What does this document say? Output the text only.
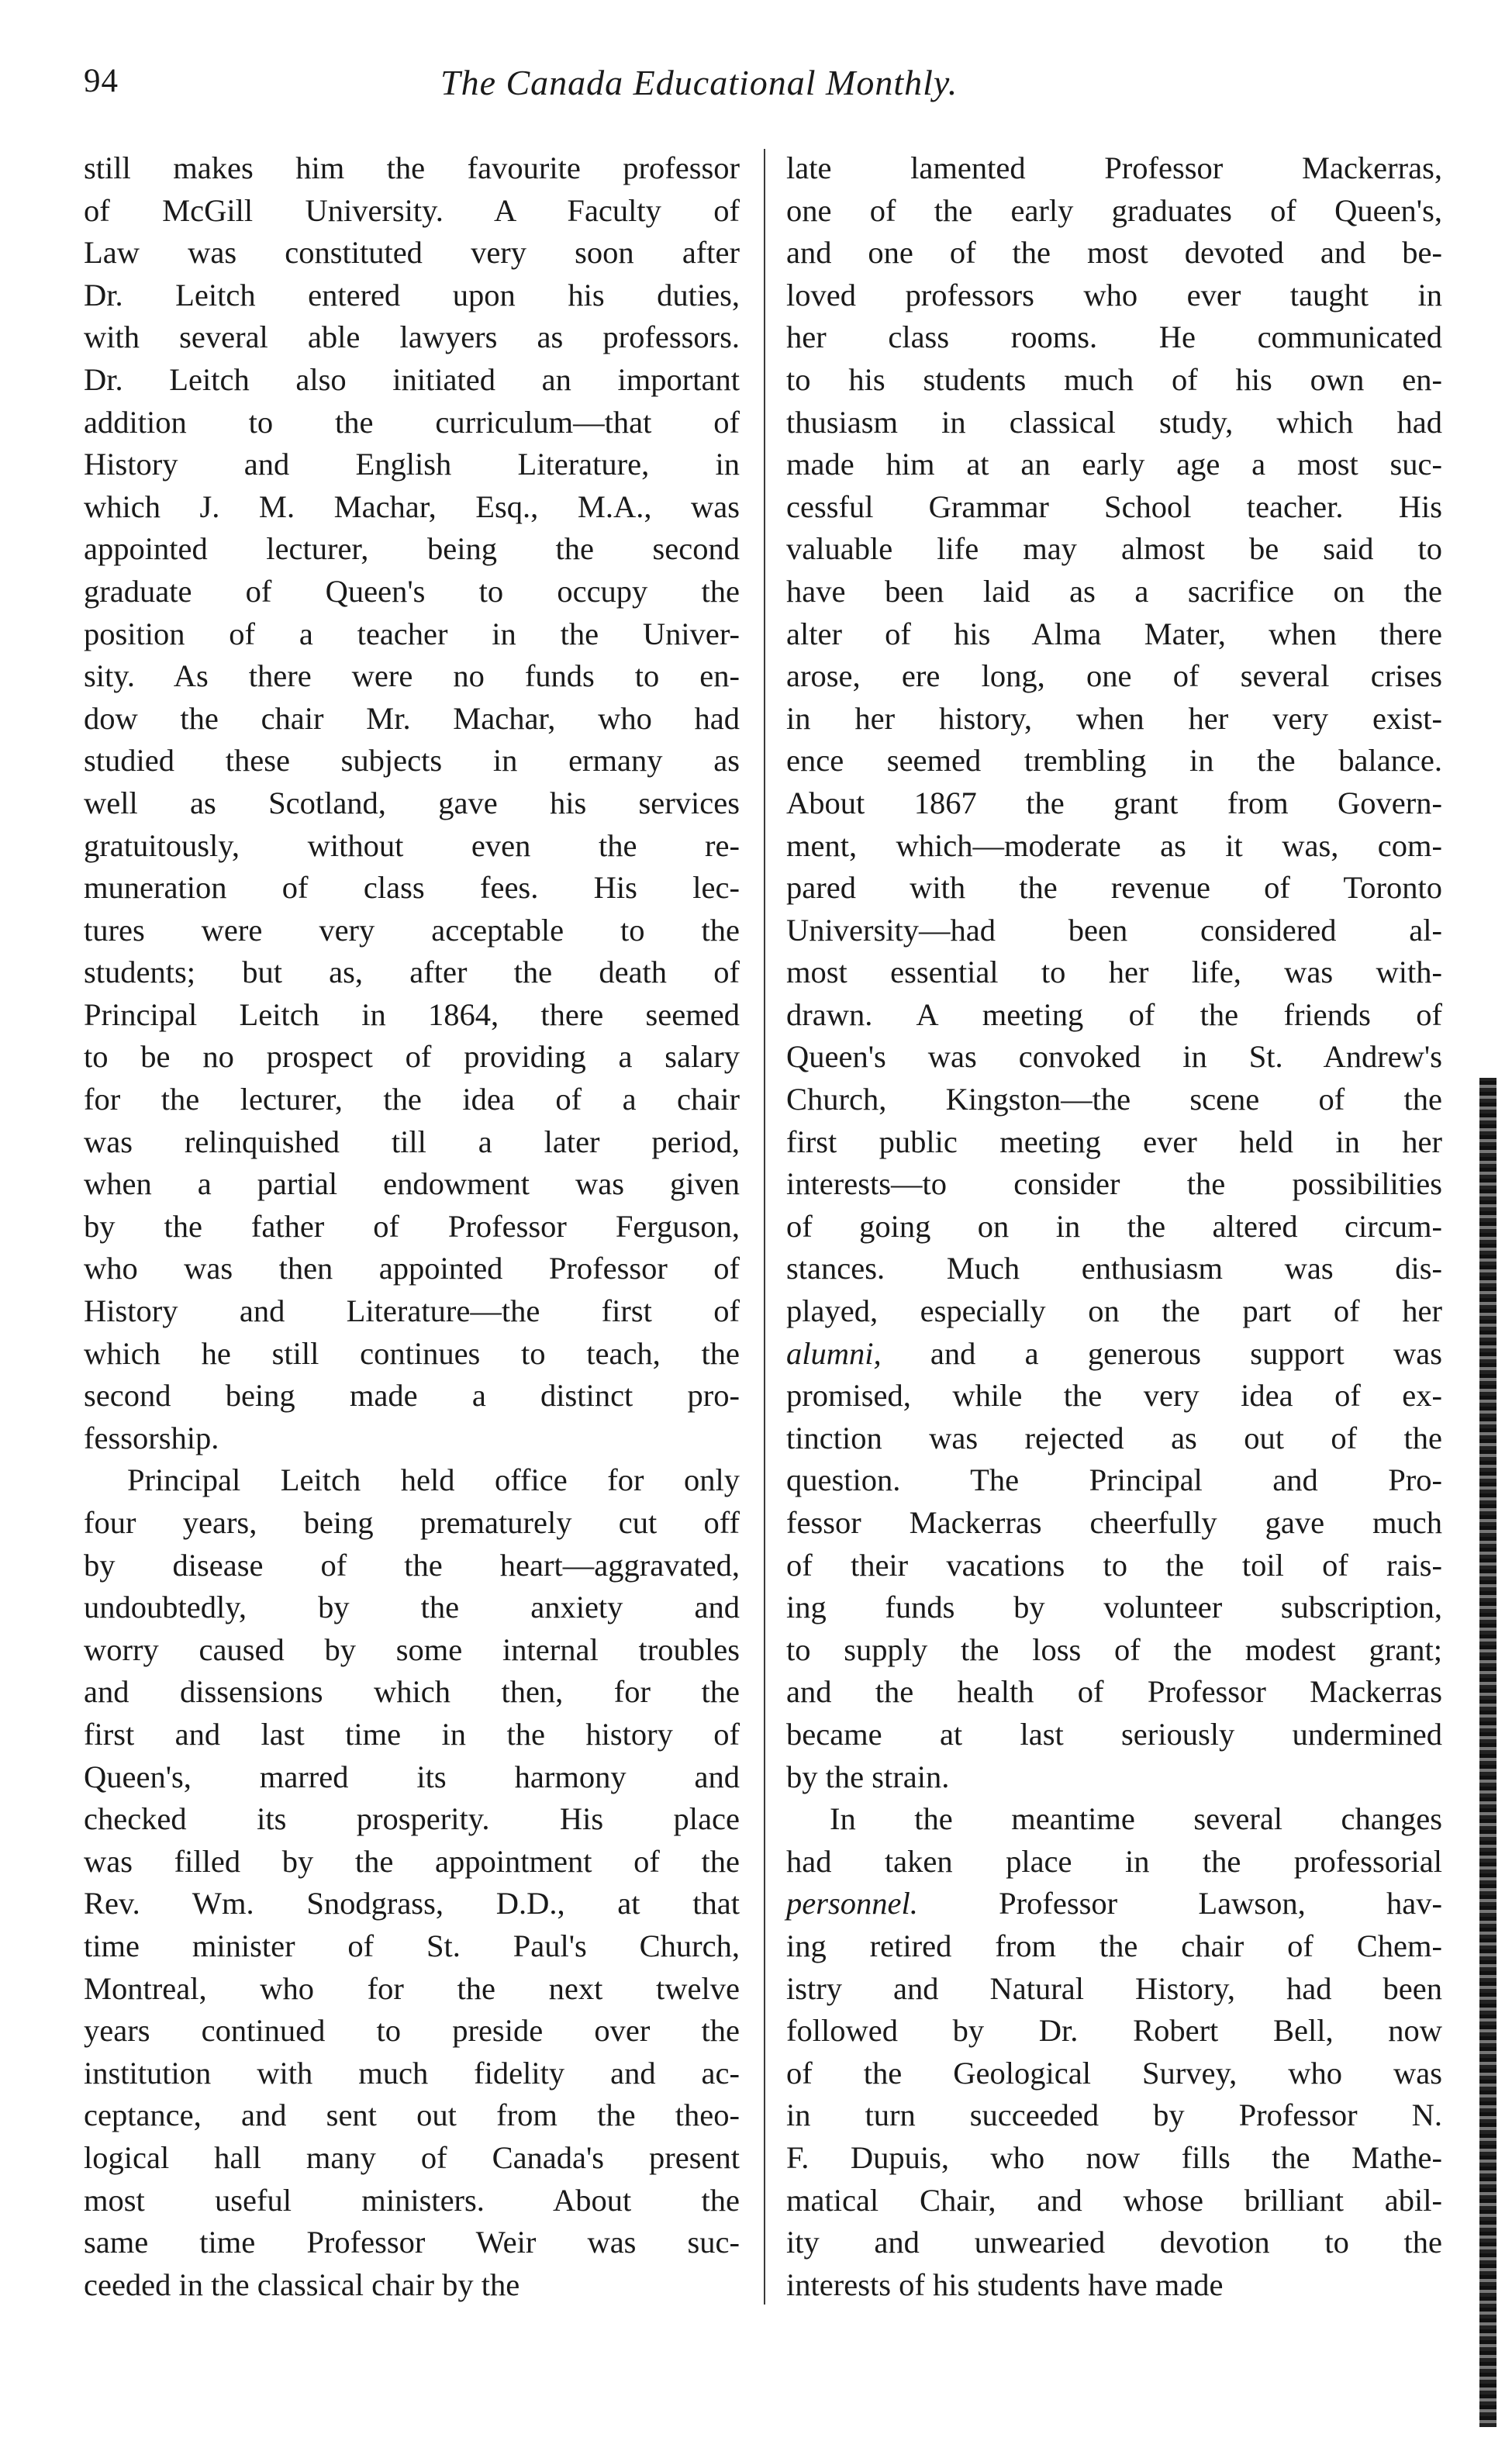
94	The Canada Educational Monthly.
still makes him the favourite professor
of McGill University. A Faculty of
Law was constituted very soon after
Dr. Leitch entered upon his duties,
with several able lawyers as professors.
Dr. Leitch also initiated an important
addition to the curriculum—that of
History and English Literature, in
which J. M. Machar, Esq., M.A., was
appointed lecturer, being the second
graduate of Queen's to occupy the
position of a teacher in the Univer-
sity. As there were no funds to en-
dow the chair Mr. Machar, who had
studied these subjects in ermany as
well as Scotland, gave his services
gratuitously, without even the re-
muneration of class fees. His lec-
tures were very acceptable to the
students; but as, after the death of
Principal Leitch in 1864, there seemed
to be no prospect of providing a salary
for the lecturer, the idea of a chair
was relinquished till a later period,
when a partial endowment was given
by the father of Professor Ferguson,
who was then appointed Professor of
History and Literature—the first of
which he still continues to teach, the
second being made a distinct pro-
fessorship.
Principal Leitch held office for only
four years, being prematurely cut off
by disease of the heart—aggravated,
undoubtedly, by the anxiety and
worry caused by some internal troubles
and dissensions which then, for the
first and last time in the history of
Queen's, marred its harmony and
checked its prosperity. His place
was filled by the appointment of the
Rev. Wm. Snodgrass, D.D., at that
time minister of St. Paul's Church,
Montreal, who for the next twelve
years continued to preside over the
institution with much fidelity and ac-
ceptance, and sent out from the theo-
logical hall many of Canada's present
most useful ministers. About the
same time Professor Weir was suc-
ceeded in the classical chair by the
late lamented Professor Mackerras,
one of the early graduates of Queen's,
and one of the most devoted and be-
loved professors who ever taught in
her class rooms. He communicated
to his students much of his own en-
thusiasm in classical study, which had
made him at an early age a most suc-
cessful Grammar School teacher. His
valuable life may almost be said to
have been laid as a sacrifice on the
alter of his Alma Mater, when there
arose, ere long, one of several crises
in her history, when her very exist-
ence seemed trembling in the balance.
About 1867 the grant from Govern-
ment, which—moderate as it was, com-
pared with the revenue of Toronto
University—had been considered al-
most essential to her life, was with-
drawn. A meeting of the friends of
Queen's was convoked in St. Andrew's
Church, Kingston—the scene of the
first public meeting ever held in her
interests—to consider the possibilities
of going on in the altered circum-
stances. Much enthusiasm was dis-
played, especially on the part of her
alumni, and a generous support was
promised, while the very idea of ex-
tinction was rejected as out of the
question. The Principal and Pro-
fessor Mackerras cheerfully gave much
of their vacations to the toil of rais-
ing funds by volunteer subscription,
to supply the loss of the modest grant;
and the health of Professor Mackerras
became at last seriously undermined
by the strain.
In the meantime several changes
had taken place in the professorial
personnel. Professor Lawson, hav-
ing retired from the chair of Chem-
istry and Natural History, had been
followed by Dr. Robert Bell, now
of the Geological Survey, who was
in turn succeeded by Professor N.
F. Dupuis, who now fills the Mathe-
matical Chair, and whose brilliant abil-
ity and unwearied devotion to the
interests of his students have made
